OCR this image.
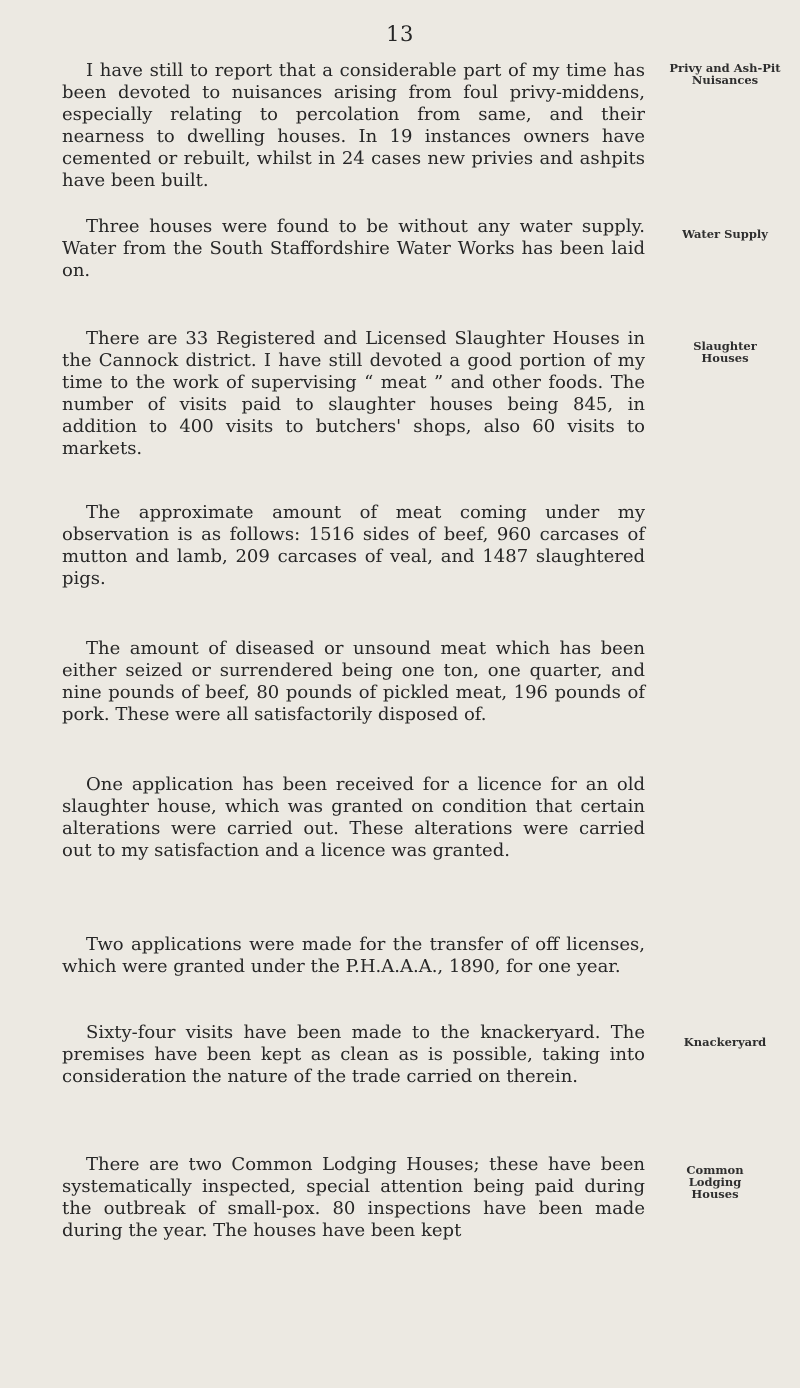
13

I have still to report that a considerable part of my time has been devoted to nuisances arising from foul privy-middens, especially relating to percolation from same, and their nearness to dwelling houses. In 19 instances owners have cemented or rebuilt, whilst in 24 cases new privies and ashpits have been built.

Three houses were found to be without any water supply. Water from the South Staffordshire Water Works has been laid on.

There are 33 Registered and Licensed Slaughter Houses in the Cannock district. I have still devoted a good portion of my time to the work of supervising “ meat ” and other foods. The number of visits paid to slaughter houses being 845, in addition to 400 visits to butchers' shops, also 60 visits to markets.

The approximate amount of meat coming under my observation is as follows: 1516 sides of beef, 960 carcases of mutton and lamb, 209 carcases of veal, and 1487 slaughtered pigs.

The amount of diseased or unsound meat which has been either seized or surrendered being one ton, one quarter, and nine pounds of beef, 80 pounds of pickled meat, 196 pounds of pork. These were all satisfactorily disposed of.

One application has been received for a licence for an old slaughter house, which was granted on condition that certain alterations were carried out. These alterations were carried out to my satisfaction and a licence was granted.

Two applications were made for the transfer of off licenses, which were granted under the P.H.A.A.A., 1890, for one year.

Sixty-four visits have been made to the knackeryard. The premises have been kept as clean as is possible, taking into consideration the nature of the trade carried on therein.

There are two Common Lodging Houses; these have been systematically inspected, special attention being paid during the outbreak of small-pox. 80 inspections have been made during the year. The houses have been kept

Privy and Ash-Pit Nuisances
Water Supply
Slaughter Houses
Knackeryard
Common Lodging Houses
